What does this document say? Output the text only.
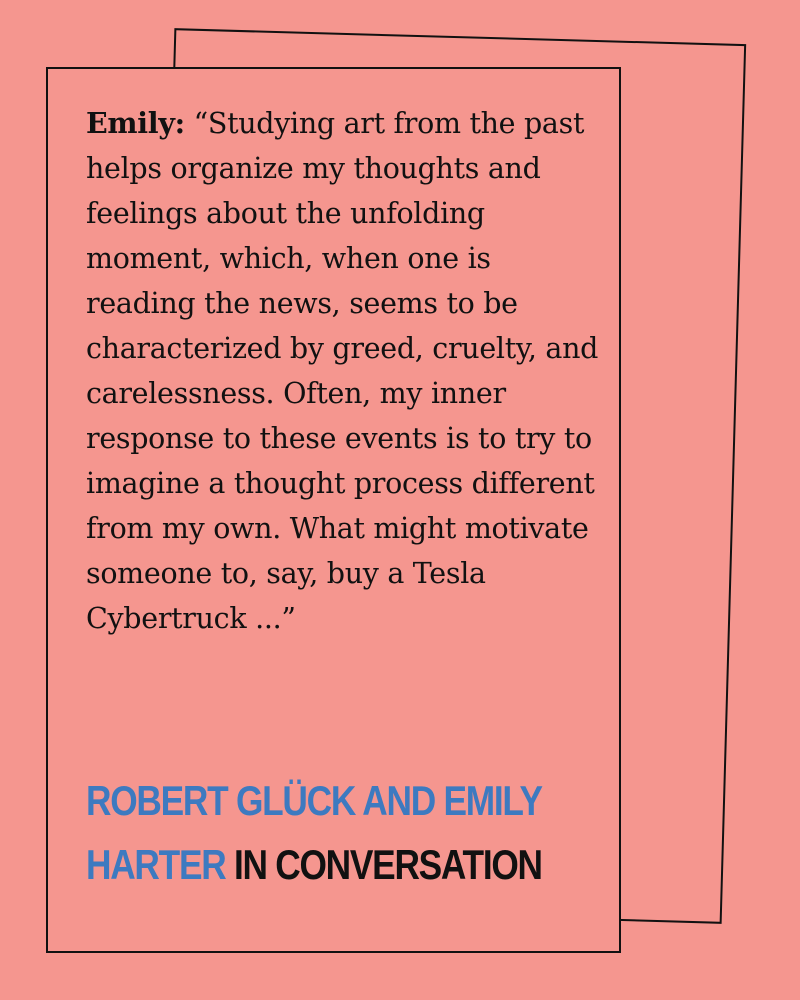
Emily: “Studying art from the past helps organize my thoughts and feelings about the unfolding moment, which, when one is reading the news, seems to be characterized by greed, cruelty, and carelessness. Often, my inner response to these events is to try to imagine a thought process different from my own. What might motivate someone to, say, buy a Tesla Cybertruck ...”

ROBERT GLÜCK AND EMILY
HARTER IN CONVERSATION
